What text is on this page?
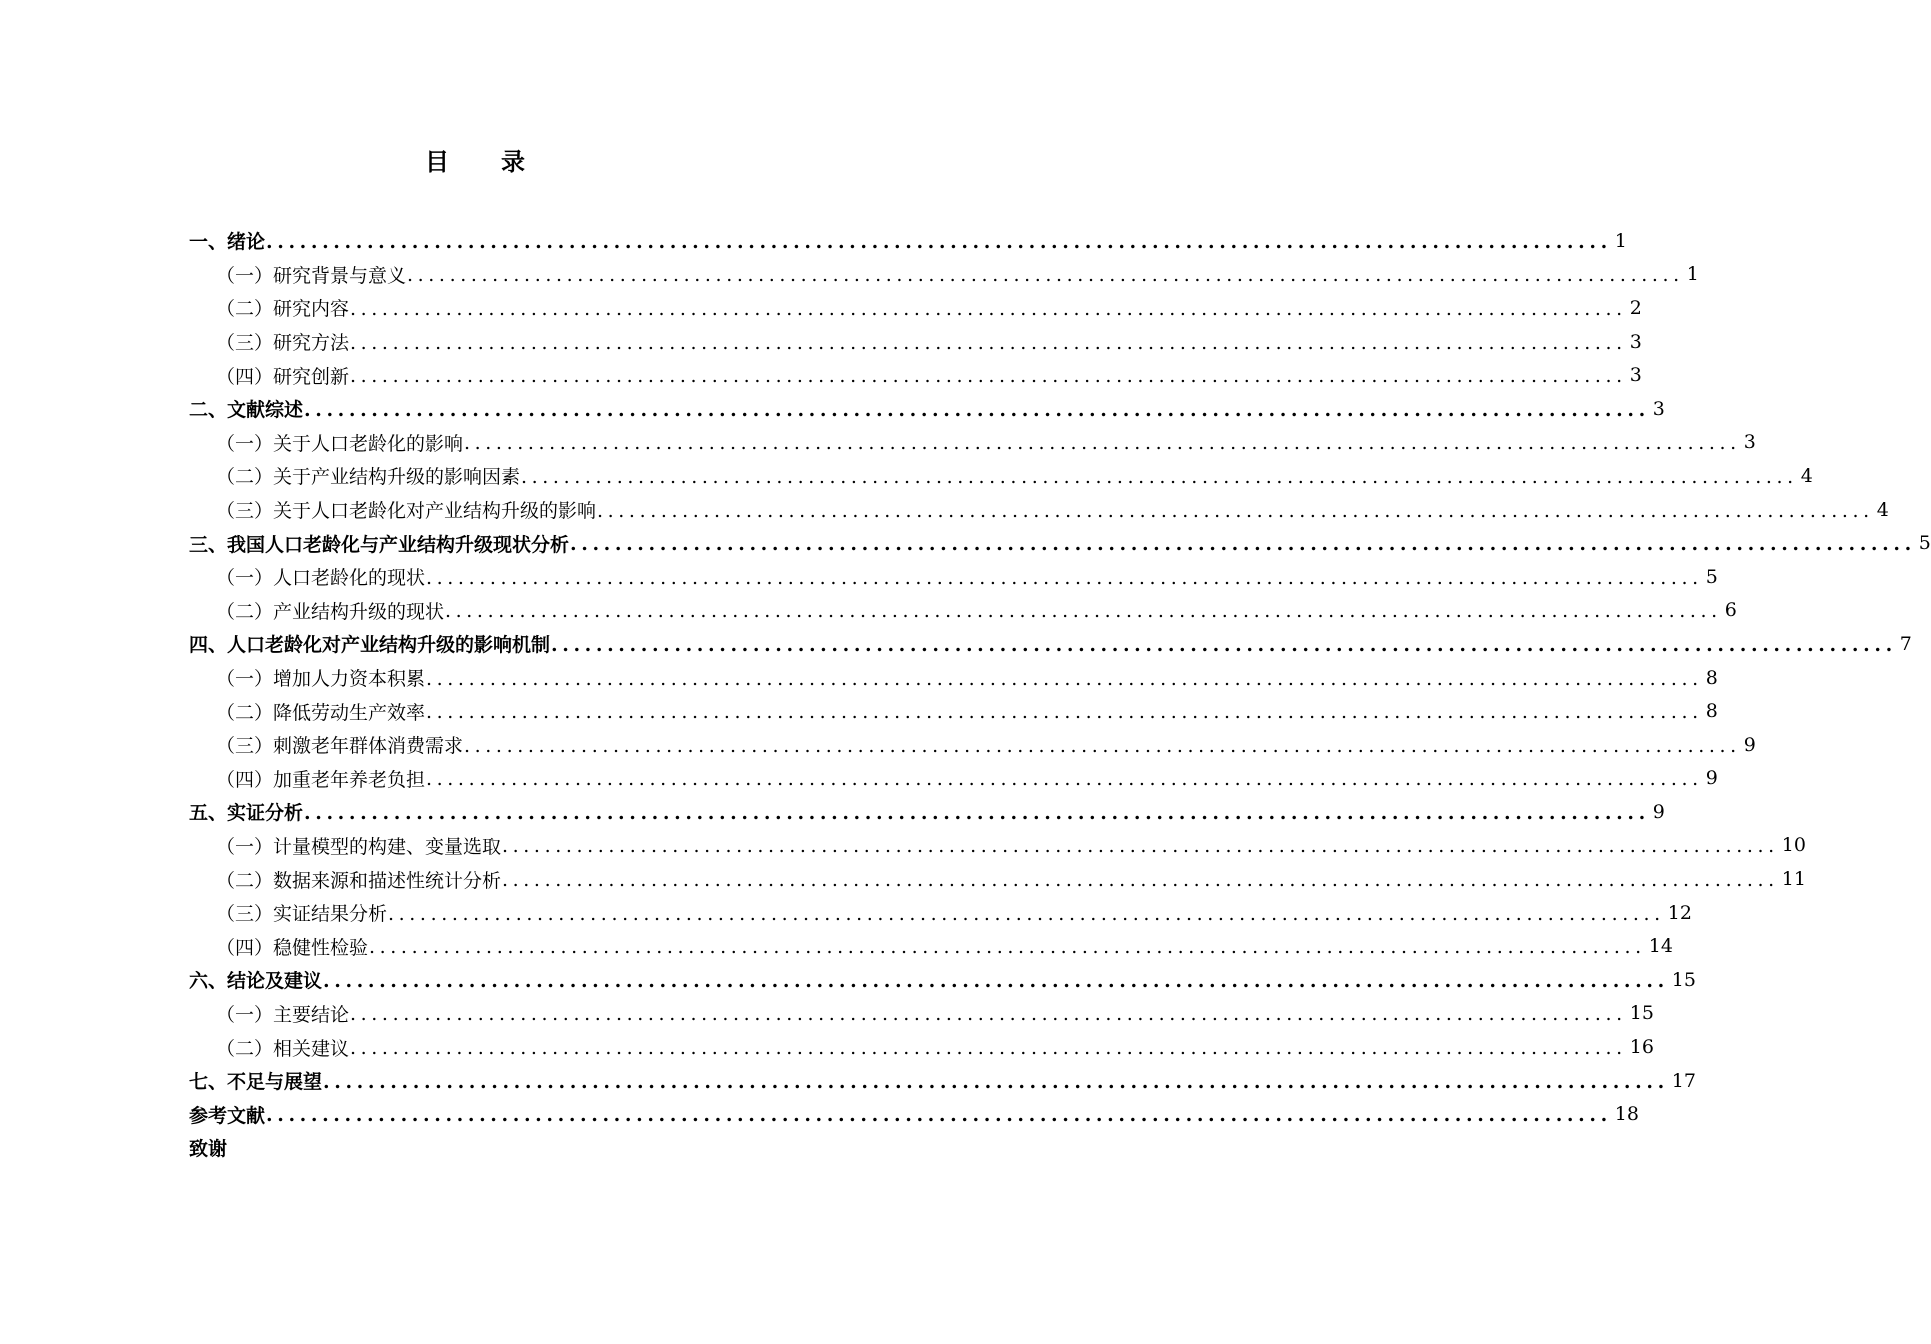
目 录
一、绪论 ........................................................................................................................ 1
（一）研究背景与意义 ........................................................................................................................ 1
（二）研究内容 ........................................................................................................................ 2
（三）研究方法 ........................................................................................................................ 3
（四）研究创新 ........................................................................................................................ 3
二、文献综述 ........................................................................................................................ 3
（一）关于人口老龄化的影响 ........................................................................................................................ 3
（二）关于产业结构升级的影响因素 ........................................................................................................................ 4
（三）关于人口老龄化对产业结构升级的影响 ........................................................................................................................ 4
三、我国人口老龄化与产业结构升级现状分析 ........................................................................................................................ 5
（一）人口老龄化的现状 ........................................................................................................................ 5
（二）产业结构升级的现状 ........................................................................................................................ 6
四、人口老龄化对产业结构升级的影响机制 ........................................................................................................................ 7
（一）增加人力资本积累 ........................................................................................................................ 8
（二）降低劳动生产效率 ........................................................................................................................ 8
（三）刺激老年群体消费需求 ........................................................................................................................ 9
（四）加重老年养老负担 ........................................................................................................................ 9
五、实证分析 ........................................................................................................................ 9
（一）计量模型的构建、变量选取 ........................................................................................................................ 10
（二）数据来源和描述性统计分析 ........................................................................................................................ 11
（三）实证结果分析 ........................................................................................................................ 12
（四）稳健性检验 ........................................................................................................................ 14
六、结论及建议 ........................................................................................................................ 15
（一）主要结论 ........................................................................................................................ 15
（二）相关建议 ........................................................................................................................ 16
七、不足与展望 ........................................................................................................................ 17
参考文献 ........................................................................................................................ 18
致谢
